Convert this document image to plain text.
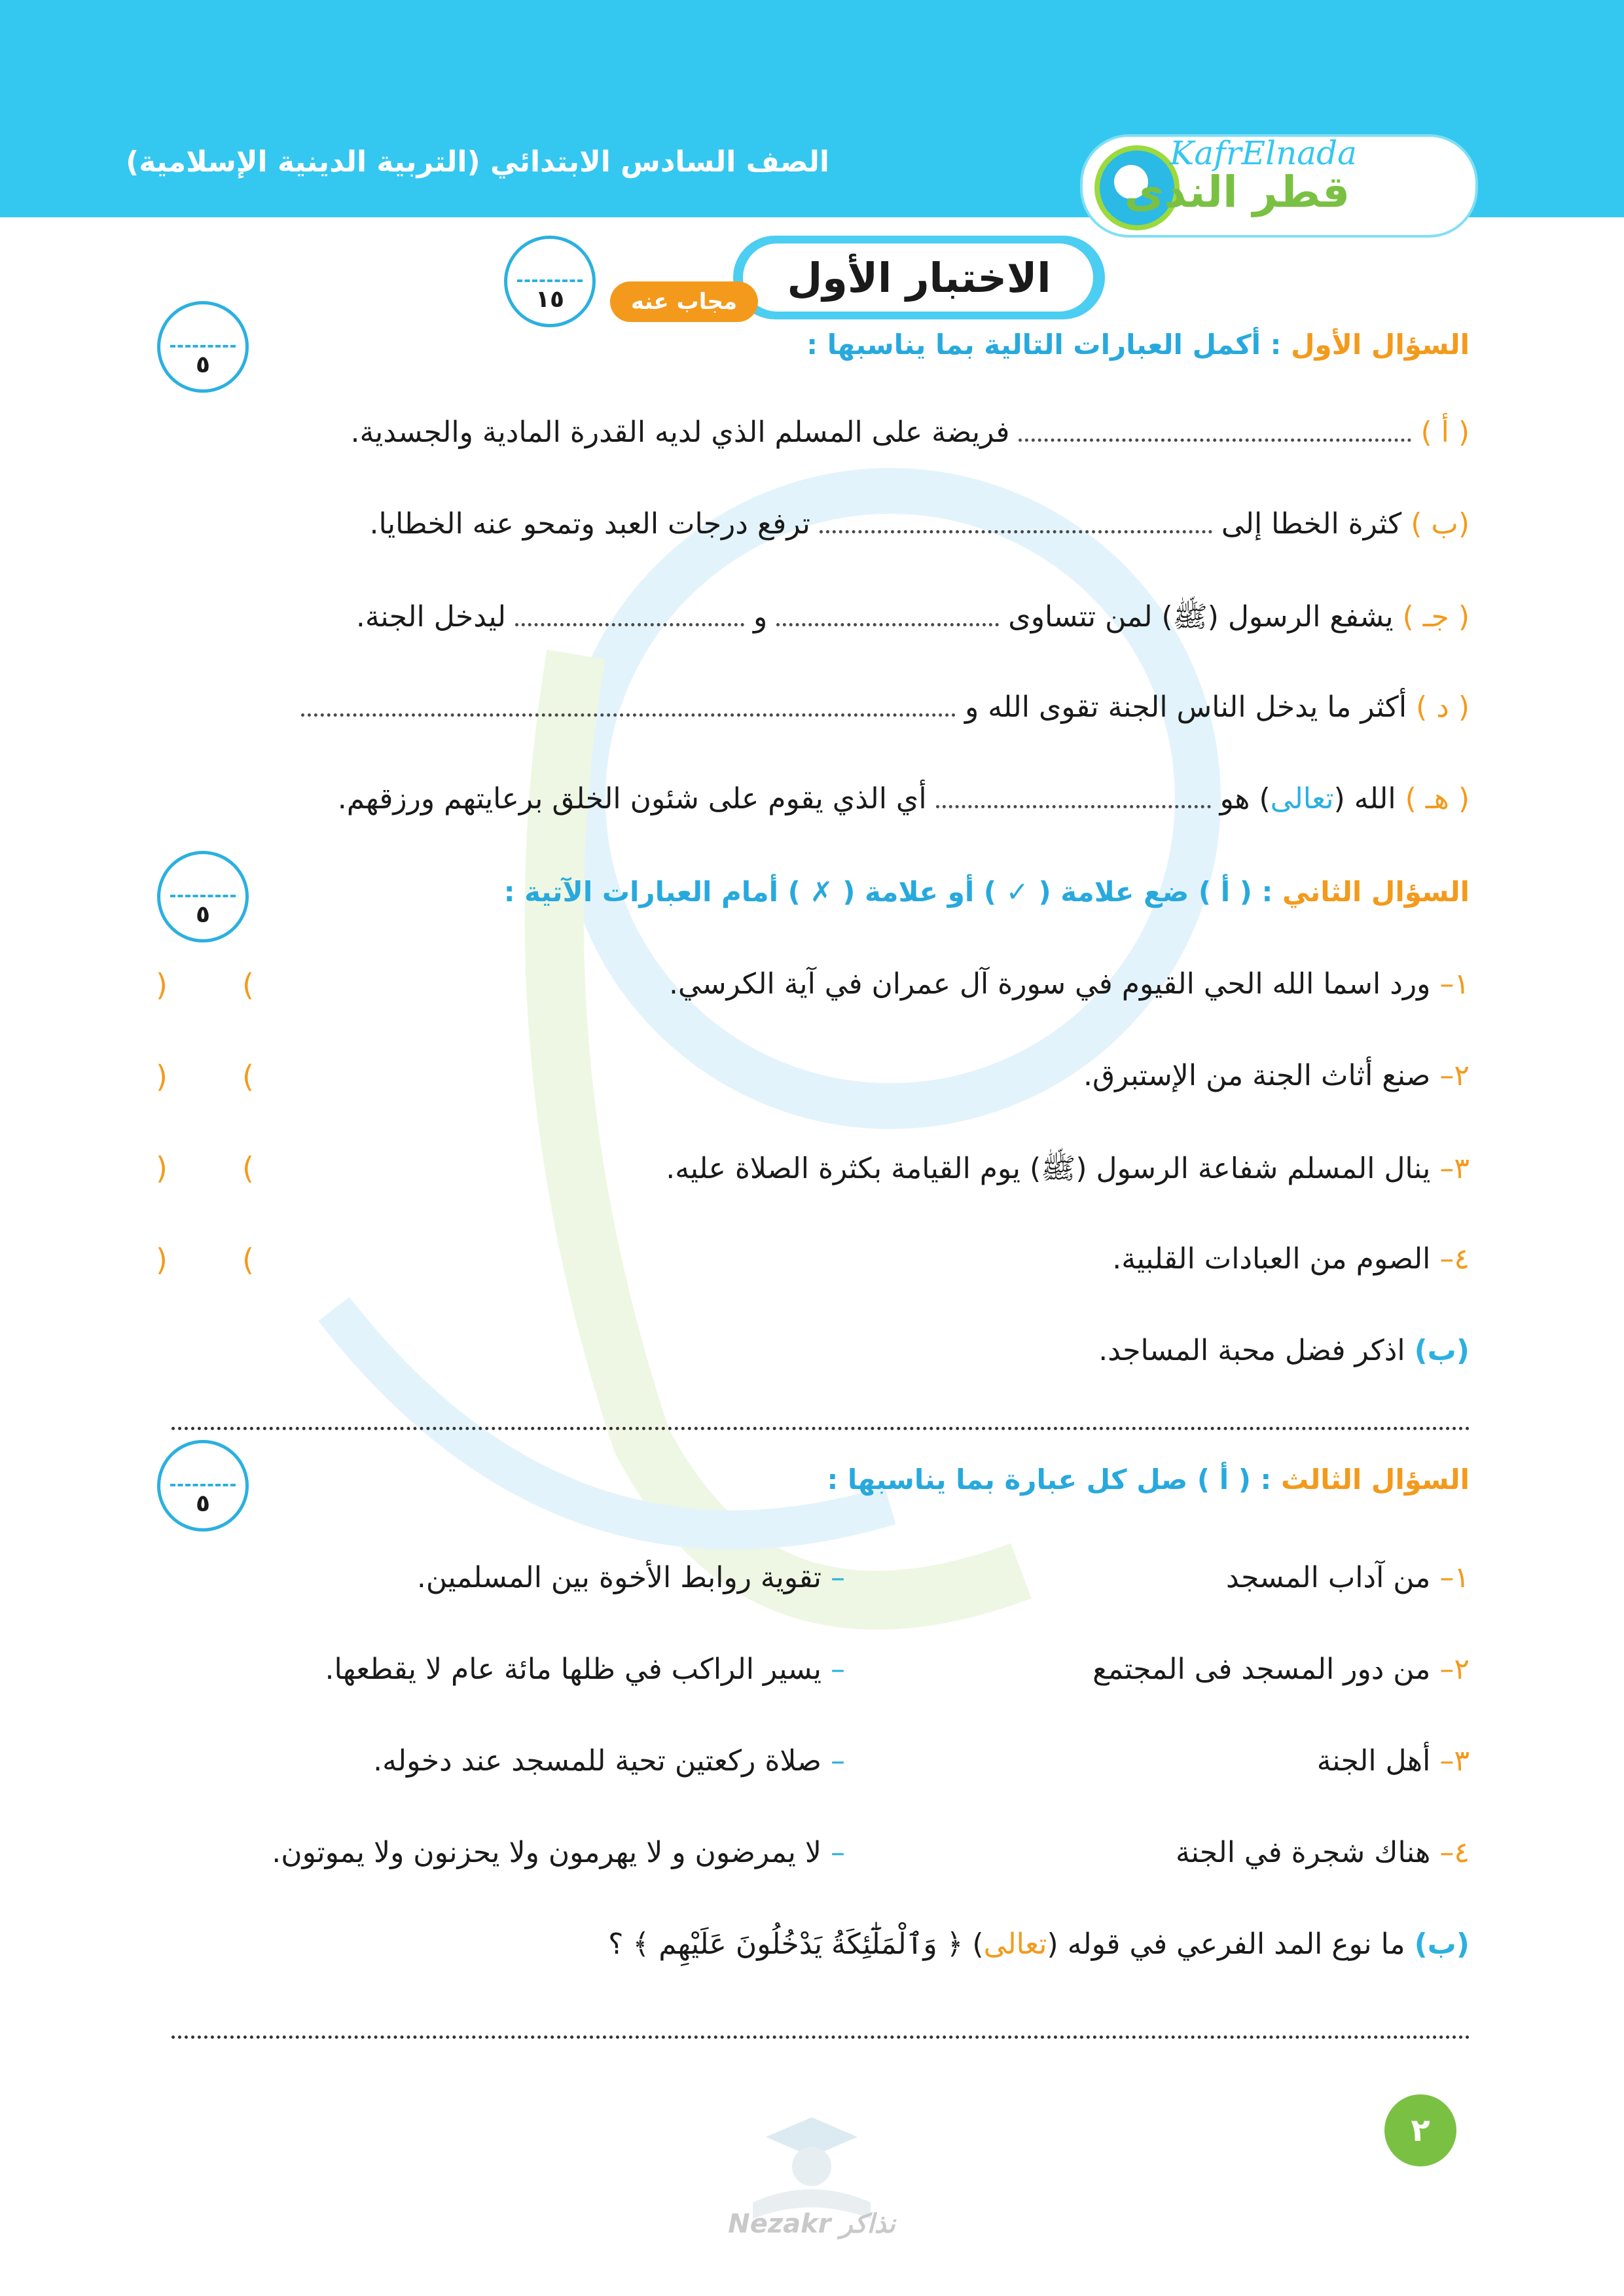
الصف السادس الابتدائي (التربية الدينية الإسلامية)	KafrElnada
قطر الندى
الاختبار الأول
مجاب عنه
١٥
٥
السؤال الأول : أكمل العبارات التالية بما يناسبها :
( أ )  فريضة على المسلم الذي لديه القدرة المادية والجسدية.
(ب ) كثرة الخطا إلى  ترفع درجات العبد وتمحو عنه الخطايا.
( جـ ) يشفع الرسول (ﷺ) لمن تتساوى  و  ليدخل الجنة.
( د ) أكثر ما يدخل الناس الجنة تقوى الله و
( هـ ) الله (تعالى) هو  أي الذي يقوم على شئون الخلق برعايتهم ورزقهم.
٥
السؤال الثاني : ( أ ) ضع علامة ( ✓ ) أو علامة ( ✗ ) أمام العبارات الآتية :
١– ورد اسما الله الحي القيوم في سورة آل عمران في آية الكرسي.
)
(
٢– صنع أثاث الجنة من الإستبرق.
)
(
٣– ينال المسلم شفاعة الرسول (ﷺ) يوم القيامة بكثرة الصلاة عليه.
)
(
٤– الصوم من العبادات القلبية.
)
(
(ب) اذكر فضل محبة المساجد.
٥
السؤال الثالث : ( أ ) صل كل عبارة بما يناسبها :
١– من آداب المسجد
– تقوية روابط الأخوة بين المسلمين.
٢– من دور المسجد فى المجتمع
– يسير الراكب في ظلها مائة عام لا يقطعها.
٣– أهل الجنة
– صلاة ركعتين تحية للمسجد عند دخوله.
٤– هناك شجرة في الجنة
– لا يمرضون و لا يهرمون ولا يحزنون ولا يموتون.
(ب) ما نوع المد الفرعي في قوله (تعالى) ﴿ وَٱلْمَلَٰٓئِكَةُ يَدْخُلُونَ عَلَيْهِم ﴾ ؟
٢
Nezakr نذاكر
